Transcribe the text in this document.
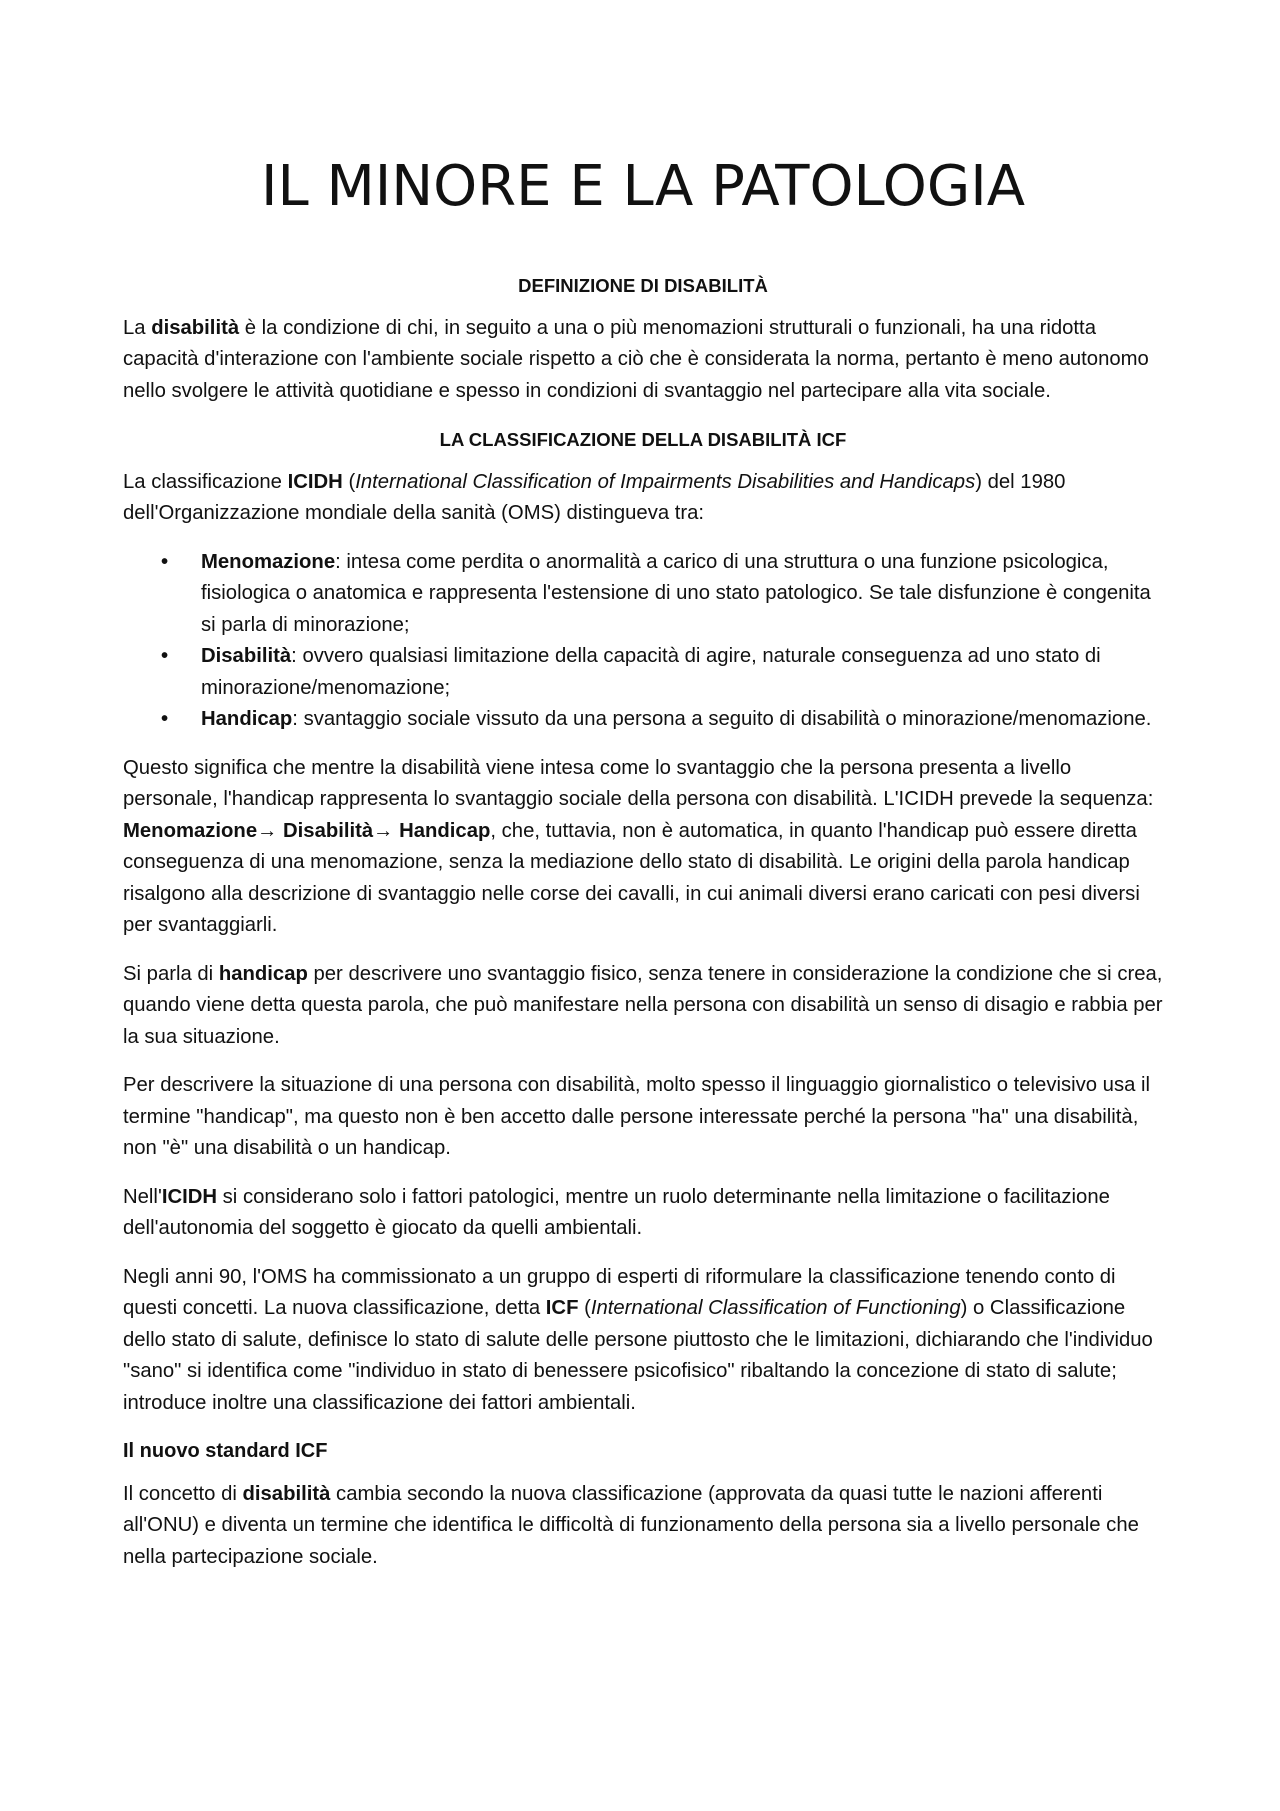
IL MINORE E LA PATOLOGIA
DEFINIZIONE DI DISABILITÀ

La disabilità è la condizione di chi, in seguito a una o più menomazioni strutturali o funzionali, ha una ridotta capacità d'interazione con l'ambiente sociale rispetto a ciò che è considerata la norma, pertanto è meno autonomo nello svolgere le attività quotidiane e spesso in condizioni di svantaggio nel partecipare alla vita sociale.

LA CLASSIFICAZIONE DELLA DISABILITÀ ICF

La classificazione ICIDH (International Classification of Impairments Disabilities and Handicaps) del 1980 dell'Organizzazione mondiale della sanità (OMS) distingueva tra:

• Menomazione: intesa come perdita o anormalità a carico di una struttura o una funzione psicologica, fisiologica o anatomica e rappresenta l'estensione di uno stato patologico. Se tale disfunzione è congenita si parla di minorazione;
• Disabilità: ovvero qualsiasi limitazione della capacità di agire, naturale conseguenza ad uno stato di minorazione/menomazione;
• Handicap: svantaggio sociale vissuto da una persona a seguito di disabilità o minorazione/menomazione.

Questo significa che mentre la disabilità viene intesa come lo svantaggio che la persona presenta a livello personale, l'handicap rappresenta lo svantaggio sociale della persona con disabilità. L'ICIDH prevede la sequenza: Menomazione→ Disabilità→ Handicap, che, tuttavia, non è automatica, in quanto l'handicap può essere diretta conseguenza di una menomazione, senza la mediazione dello stato di disabilità. Le origini della parola handicap risalgono alla descrizione di svantaggio nelle corse dei cavalli, in cui animali diversi erano caricati con pesi diversi per svantaggiarli.

Si parla di handicap per descrivere uno svantaggio fisico, senza tenere in considerazione la condizione che si crea, quando viene detta questa parola, che può manifestare nella persona con disabilità un senso di disagio e rabbia per la sua situazione.

Per descrivere la situazione di una persona con disabilità, molto spesso il linguaggio giornalistico o televisivo usa il termine "handicap", ma questo non è ben accetto dalle persone interessate perché la persona "ha" una disabilità, non "è" una disabilità o un handicap.

Nell'ICIDH si considerano solo i fattori patologici, mentre un ruolo determinante nella limitazione o facilitazione dell'autonomia del soggetto è giocato da quelli ambientali.

Negli anni 90, l'OMS ha commissionato a un gruppo di esperti di riformulare la classificazione tenendo conto di questi concetti. La nuova classificazione, detta ICF (International Classification of Functioning) o Classificazione dello stato di salute, definisce lo stato di salute delle persone piuttosto che le limitazioni, dichiarando che l'individuo "sano" si identifica come "individuo in stato di benessere psicofisico" ribaltando la concezione di stato di salute; introduce inoltre una classificazione dei fattori ambientali.

Il nuovo standard ICF

Il concetto di disabilità cambia secondo la nuova classificazione (approvata da quasi tutte le nazioni afferenti all'ONU) e diventa un termine che identifica le difficoltà di funzionamento della persona sia a livello personale che nella partecipazione sociale.
